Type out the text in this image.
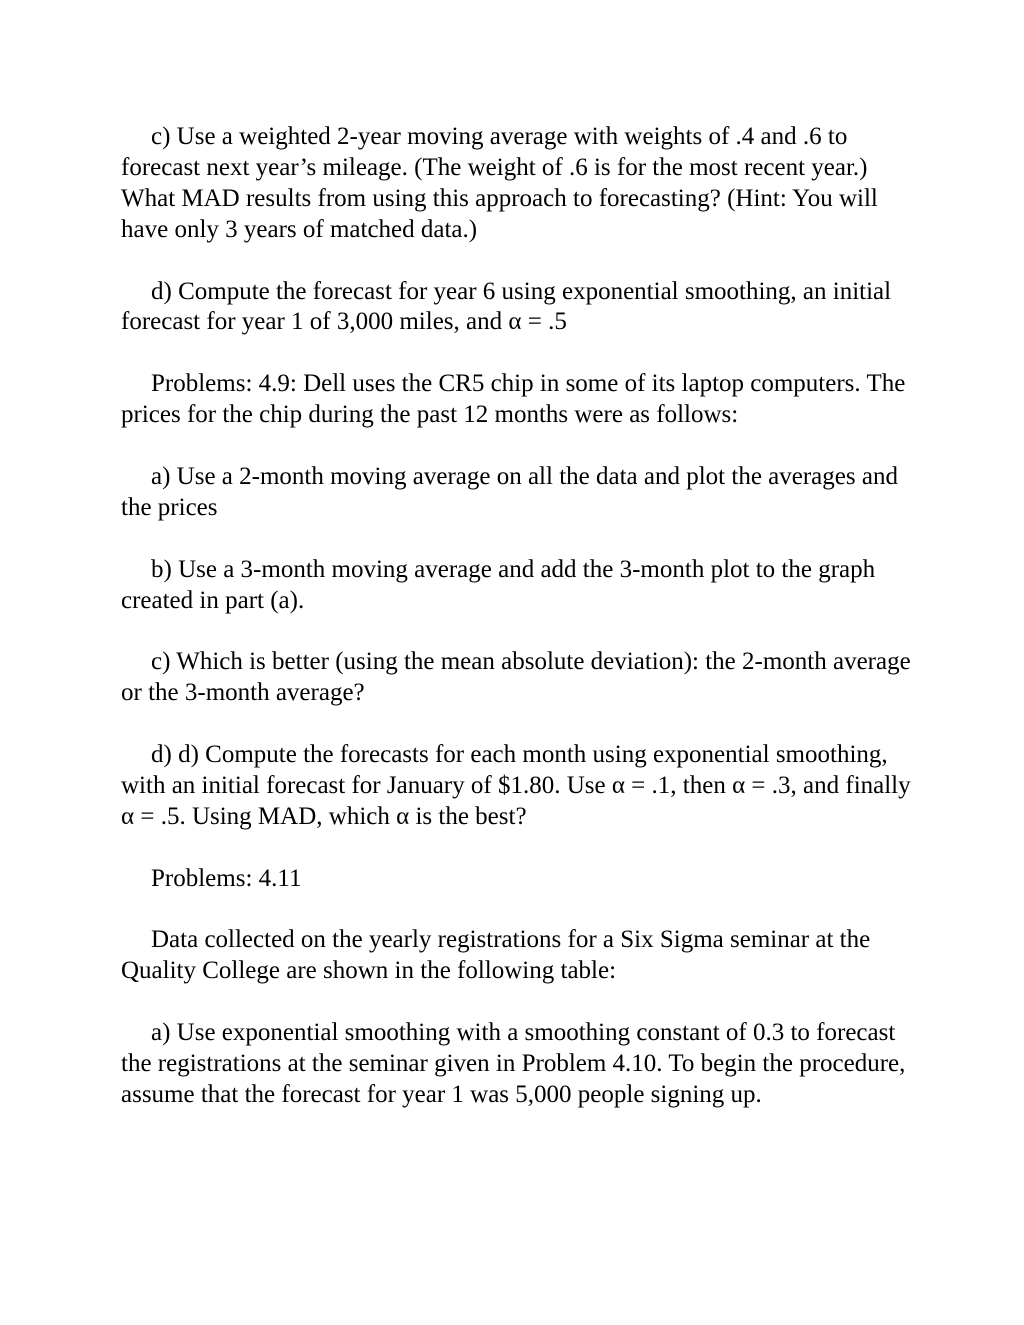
c) Use a weighted 2-year moving average with weights of .4 and .6 to forecast next year’s mileage. (The weight of .6 is for the most recent year.) What MAD results from using this approach to forecasting? (Hint: You will have only 3 years of matched data.)

d) Compute the forecast for year 6 using exponential smoothing, an initial forecast for year 1 of 3,000 miles, and α = .5

Problems: 4.9: Dell uses the CR5 chip in some of its laptop computers. The prices for the chip during the past 12 months were as follows:

a) Use a 2-month moving average on all the data and plot the averages and the prices

b) Use a 3-month moving average and add the 3-month plot to the graph created in part (a).

c) Which is better (using the mean absolute deviation): the 2-month average or the 3-month average?

d) d) Compute the forecasts for each month using exponential smoothing, with an initial forecast for January of $1.80. Use α = .1, then α = .3, and finally α = .5. Using MAD, which α is the best?

Problems: 4.11

Data collected on the yearly registrations for a Six Sigma seminar at the Quality College are shown in the following table:

a) Use exponential smoothing with a smoothing constant of 0.3 to forecast the registrations at the seminar given in Problem 4.10. To begin the procedure, assume that the forecast for year 1 was 5,000 people signing up.
